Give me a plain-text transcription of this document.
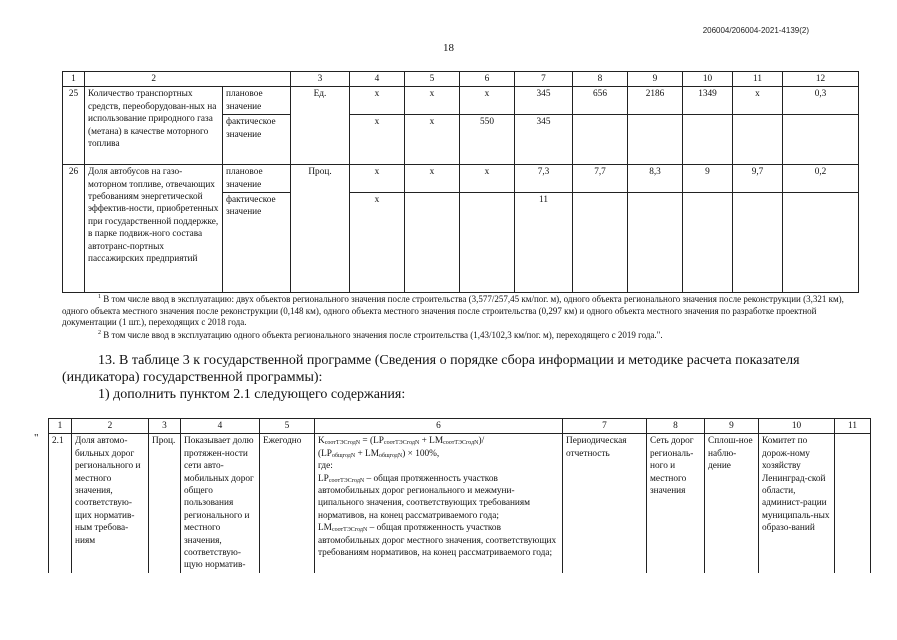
206004/206004-2021-4139(2)
18
1	2		3	4	5	6	7	8	9	10	11	12
25	Количество транспортных средств, переоборудован-ных на использование природного газа (метана) в качестве моторного топлива	плановое значение	Ед.	x	x	x	345	656	2186	1349	x	0,3
		фактическое значение		x	x	550	345					
26	Доля автобусов на газо-моторном топливе, отвечающих требованиям энергетической эффектив-ности, приобретенных при государственной поддержке, в парке подвиж-ного состава автотранс-портных пассажирских предприятий	плановое значение	Проц.	x	x	x	7,3	7,7	8,3	9	9,7	0,2
		фактическое значение		x			11					
$^1$ В том числе ввод в эксплуатацию: двух объектов регионального значения после строительства (3,577/257,45 км/пог. м), одного объекта регионального значения после реконструкции (3,321 км), одного объекта местного значения после реконструкции (0,148 км), одного объекта местного значения после строительства (0,297 км) и одного объекта местного значения по разработке проектной документации (1 шт.), переходящих с 2018 года.
$^2$ В том числе ввод в эксплуатацию одного объекта регионального значения после строительства (1,43/102,3 км/пог. м), переходящего с 2019 года.".
13. В таблице 3 к государственной программе (Сведения о порядке сбора информации и методике расчета показателя (индикатора) государственной программы):
1) дополнить пунктом 2.1 следующего содержания:
"
1	2	3	4	5	6	7	8	9	10	11
2.1	Доля автомо-бильных дорог регионального и местного значения, соответствую-щих норматив-ным требова-ниям	Проц.	Показывает долю протяжен-ности сети авто-мобильных дорог общего пользования регионального и местного значения, соответствую-щую норматив-	Ежегодно	$K_{соотТЭСгодN} = (LP_{соотТЭСгодN} + LM_{соотТЭСгодN})/$
$(LP_{общгодN} + LM_{общгодN}) \times 100\%$,
где:
$LP_{соотТЭСгодN}$ – общая протяженность участков автомобильных дорог регионального и межмуни-ципального значения, соответствующих требованиям нормативов, на конец рассматриваемого года;
$LM_{соотТЭСгодN}$ – общая протяженность участков автомобильных дорог местного значения, соответствующих требованиям нормативов, на конец рассматриваемого года;	Периодическая отчетность	Сеть дорог региональ-ного и местного значения	Сплош-ное наблю-дение	Комитет по дорож-ному хозяйству Ленинград-ской области, админист-рации муниципаль-ных образо-ваний	
